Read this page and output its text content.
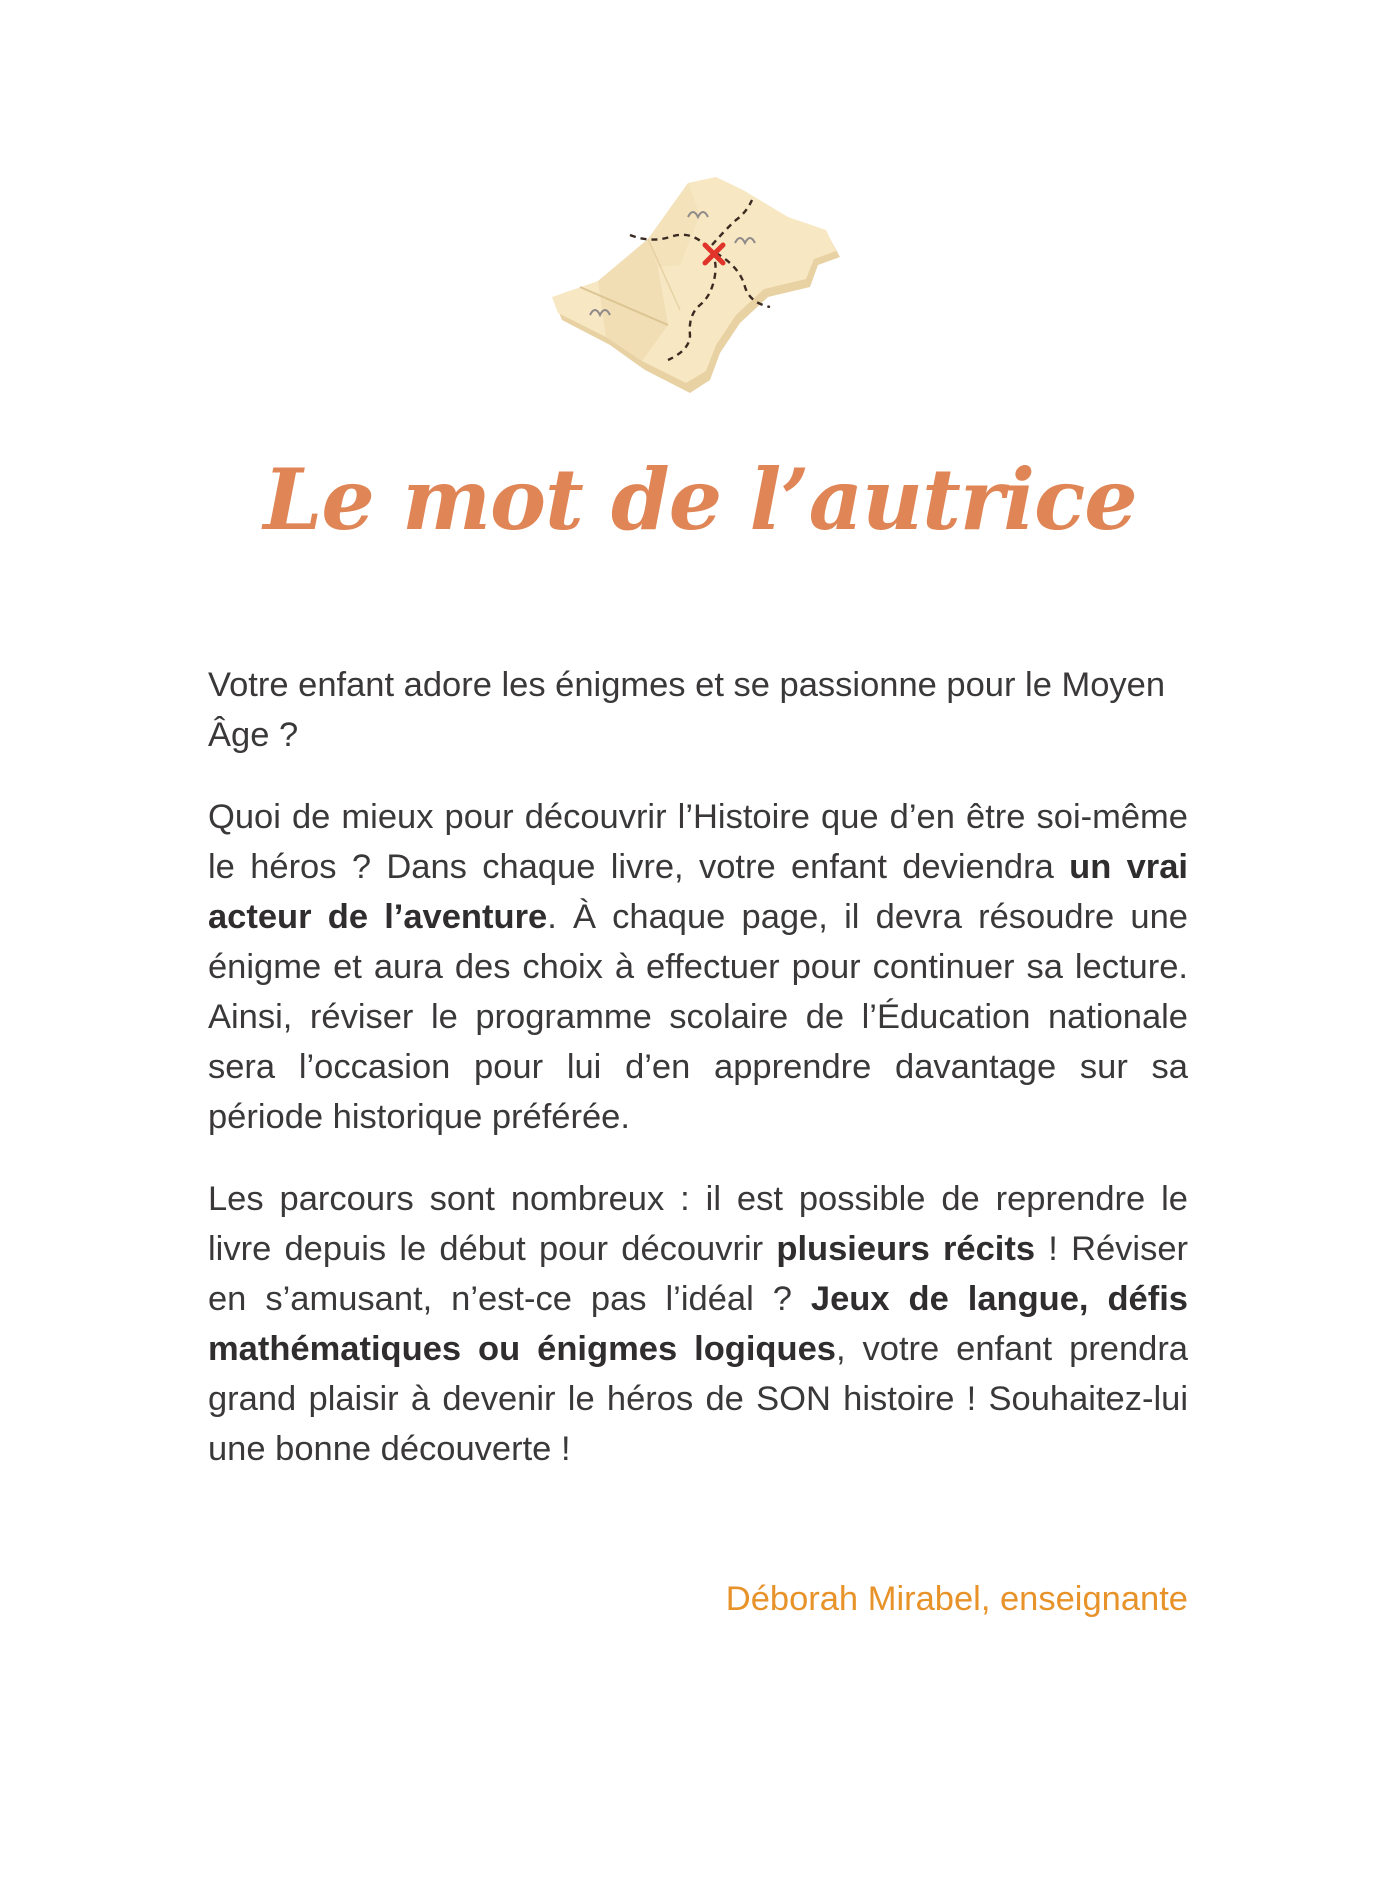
Le mot de l’autrice

Votre enfant adore les énigmes et se passionne pour le Moyen Âge ?

Quoi de mieux pour découvrir l’Histoire que d’en être soi-même le héros ? Dans chaque livre, votre enfant deviendra un vrai acteur de l’aventure. À chaque page, il devra résoudre une énigme et aura des choix à effectuer pour continuer sa lecture. Ainsi, réviser le programme scolaire de l’Éducation nationale sera l’occasion pour lui d’en apprendre davantage sur sa période historique préférée.

Les parcours sont nombreux : il est possible de reprendre le livre depuis le début pour découvrir plusieurs récits ! Réviser en s’amusant, n’est-ce pas l’idéal ? Jeux de langue, défis mathématiques ou énigmes logiques, votre enfant prendra grand plaisir à devenir le héros de SON histoire ! Souhaitez-lui une bonne découverte !

Déborah Mirabel, enseignante
